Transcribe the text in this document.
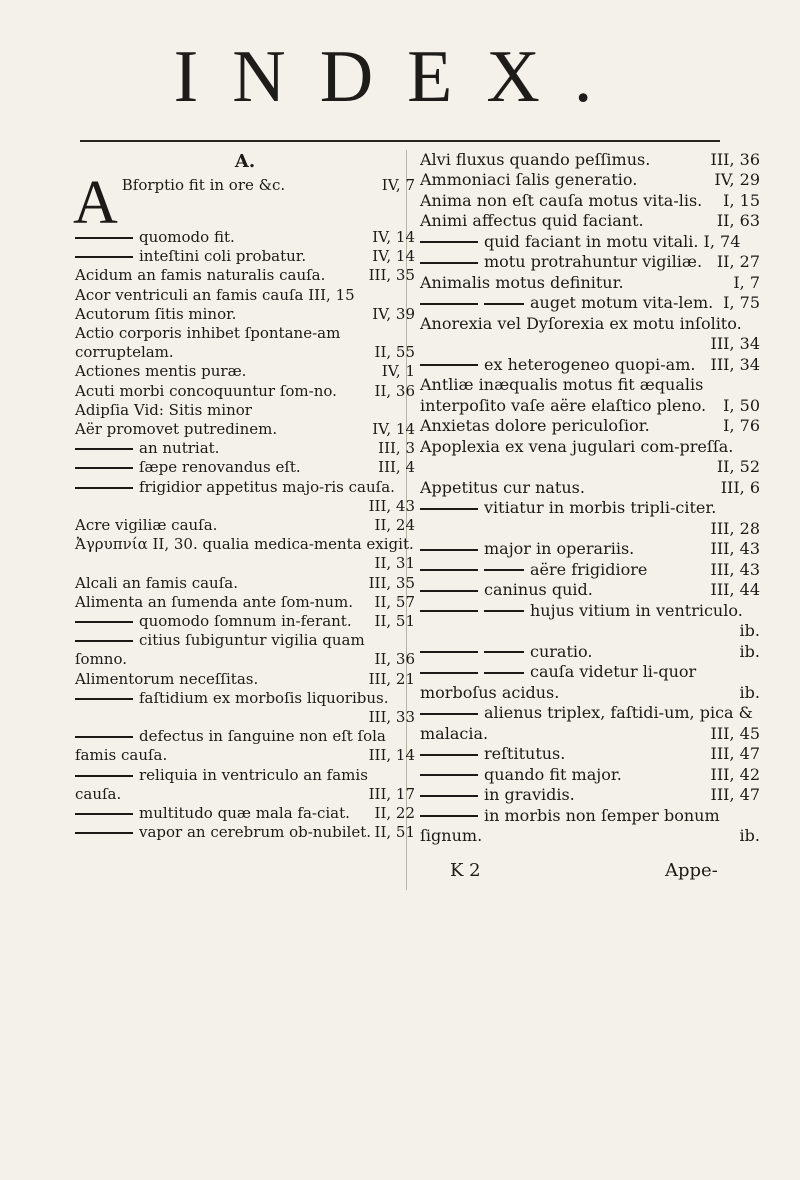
INDEX.
A.

A Bforptio fit in ore &c.	IV, 7

quomodo fit.	IV, 14

inteſtini coli probatur.	IV, 14

Acidum an famis naturalis cauſa.	III, 35

Acor ventriculi an famis cauſa III, 15

Acutorum ſitis minor.	IV, 39

Actio corporis inhibet ſpontane-am corruptelam.	II, 55

Actiones mentis puræ.	IV, 1

Acuti morbi concoquuntur ſom-no.	II, 36

Adipſia Vid: Sitis minor

Aër promovet putredinem.	IV, 14

an nutriat.	III, 3

ſæpe renovandus eſt.	III, 4

frigidior appetitus majo-ris cauſa.
III, 43

Acre vigiliæ cauſa.	II, 24

Ἀγρυπνία II, 30. qualia medica-menta exigit.
II, 31

Alcali an famis cauſa.	III, 35

Alimenta an ſumenda ante ſom-num. II, 57

quomodo ſomnum in-ferant. II, 51

citius ſubiguntur vigilia quam ſomno.	II, 36

Alimentorum neceſſitas.	III, 21

faſtidium ex morboſis liquoribus.
III, 33

defectus in ſanguine non eſt ſola famis cauſa.	III, 14

reliquia in ventriculo an famis cauſa.	III, 17

multitudo quæ mala fa-ciat. II, 22

vapor an cerebrum ob-nubilet. II, 51

Alvi fluxus quando peſſimus.	III, 36

Ammoniaci ſalis generatio.	IV, 29

Anima non eſt cauſa motus vita-lis. I, 15

Animi affectus quid faciant.	II, 63

quid faciant in motu vitali. I, 74

motu protrahuntur vigiliæ. II, 27

Animalis motus definitur.	I, 7

auget motum vita-lem. I, 75

Anorexia vel Dyſorexia ex motu inſolito.
III, 34

ex heterogeneo quopi-am. III, 34

Antliæ inæqualis motus fit æqualis interpoſito vaſe aëre elaſtico pleno. I, 50

Anxietas dolore periculoſior.	I, 76

Apoplexia ex vena jugulari com-preſſa.
II, 52

Appetitus cur natus.	III, 6

vitiatur in morbis tripli-citer.
III, 28

major in operariis.	III, 43

aëre frigidiore	III, 43

caninus quid.	III, 44

hujus vitium in ventriculo.
ib.

curatio.	ib.

cauſa videtur li-quor morboſus acidus.	ib.

alienus triplex, faſtidi-um, pica & malacia.	III, 45

reſtitutus.	III, 47

quando fit major.	III, 42

in gravidis.	III, 47

in morbis non ſemper bonum ſignum.	ib.

K 2	Appe-
